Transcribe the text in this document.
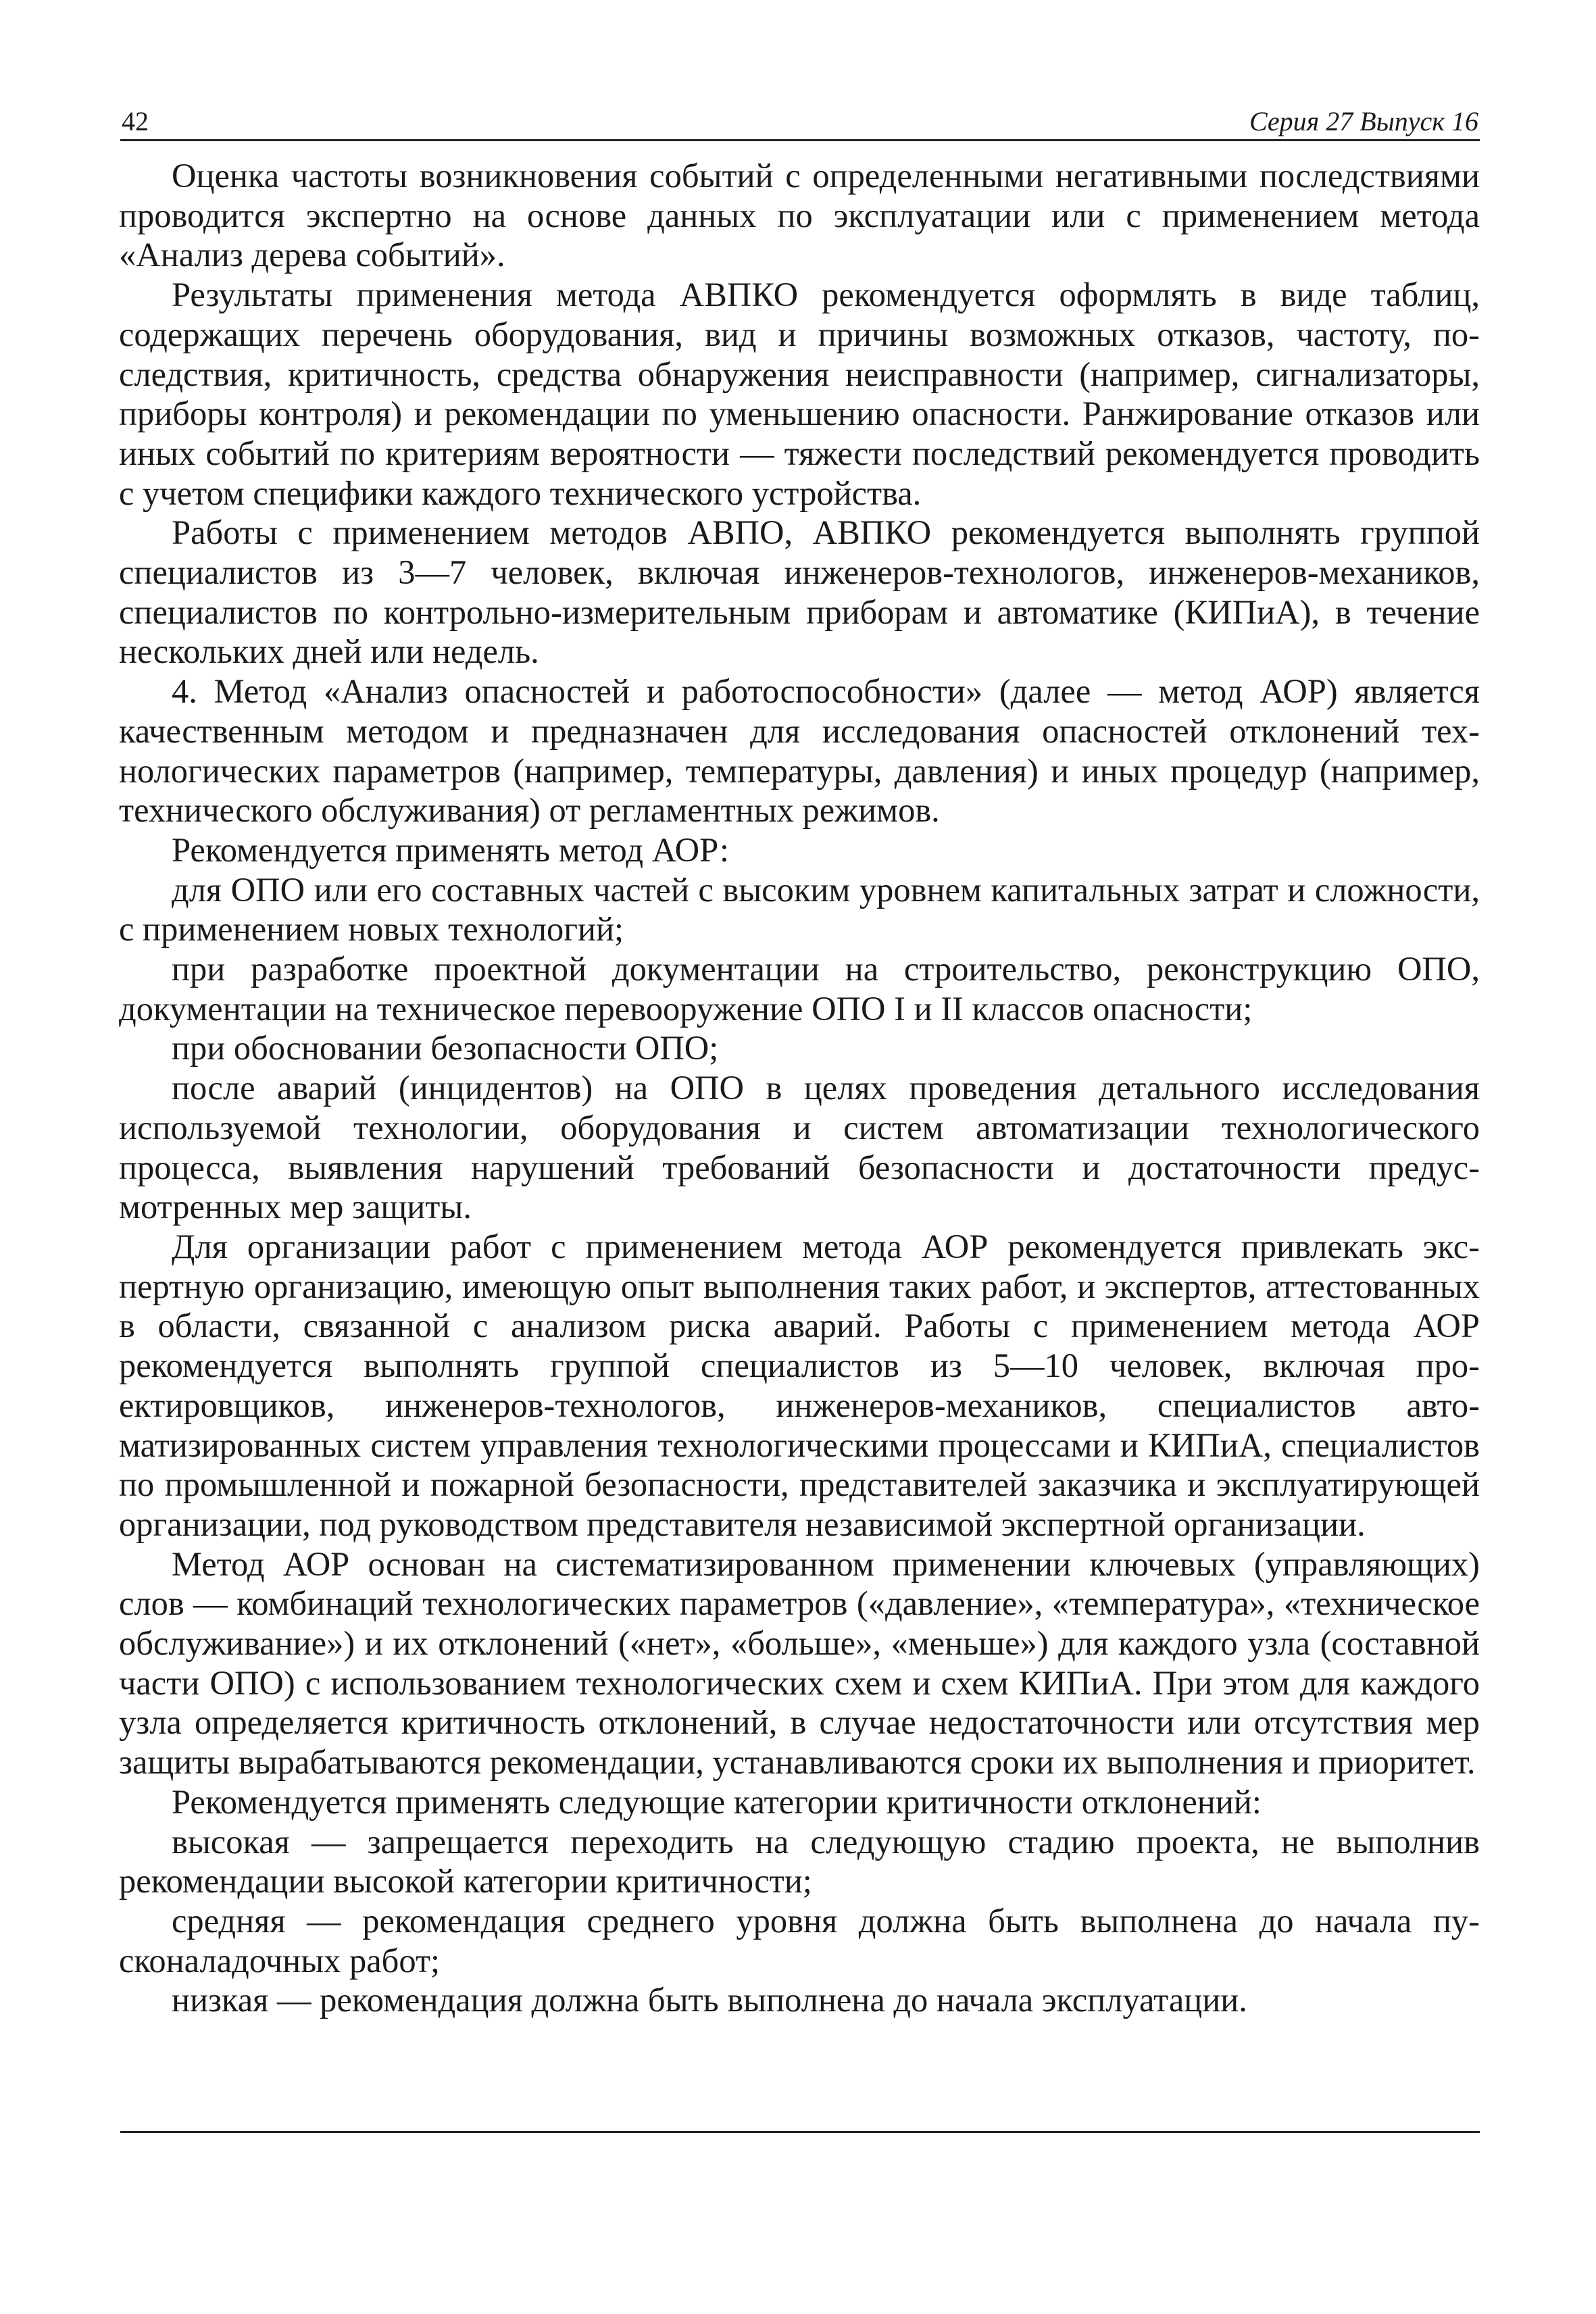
42	Серия 27 Выпуск 16

Оценка частоты возникновения событий с определенными негативными последствиями проводится экспертно на основе данных по эксплуатации или с применением метода «Анализ дерева событий».

Результаты применения метода АВПКО рекомендуется оформлять в виде таблиц, содержащих перечень оборудования, вид и причины возможных отказов, частоту, последствия, критичность, средства обнаружения неисправности (например, сигнализаторы, приборы контроля) и рекомендации по уменьшению опасности. Ранжирование отказов или иных событий по критериям вероятности — тяжести последствий рекомендуется проводить с учетом специфики каждого технического устройства.

Работы с применением методов АВПО, АВПКО рекомендуется выполнять группой специалистов из 3—7 человек, включая инженеров-технологов, инженеров-механиков, специалистов по контрольно-измерительным приборам и автоматике (КИПиА), в течение нескольких дней или недель.

4. Метод «Анализ опасностей и работоспособности» (далее — метод АОР) является качественным методом и предназначен для исследования опасностей отклонений технологических параметров (например, температуры, давления) и иных процедур (например, технического обслуживания) от регламентных режимов.

Рекомендуется применять метод АОР:

для ОПО или его составных частей с высоким уровнем капитальных затрат и сложности, с применением новых технологий;

при разработке проектной документации на строительство, реконструкцию ОПО, документации на техническое перевооружение ОПО I и II классов опасности;

при обосновании безопасности ОПО;

после аварий (инцидентов) на ОПО в целях проведения детального исследования используемой технологии, оборудования и систем автоматизации технологического процесса, выявления нарушений требований безопасности и достаточности предусмотренных мер защиты.

Для организации работ с применением метода АОР рекомендуется привлекать экспертную организацию, имеющую опыт выполнения таких работ, и экспертов, аттестованных в области, связанной с анализом риска аварий. Работы с применением метода АОР рекомендуется выполнять группой специалистов из 5—10 человек, включая проектировщиков, инженеров-технологов, инженеров-механиков, специалистов автоматизированных систем управления технологическими процессами и КИПиА, специалистов по промышленной и пожарной безопасности, представителей заказчика и эксплуатирующей организации, под руководством представителя независимой экспертной организации.

Метод АОР основан на систематизированном применении ключевых (управляющих) слов — комбинаций технологических параметров («давление», «температура», «техническое обслуживание») и их отклонений («нет», «больше», «меньше») для каждого узла (составной части ОПО) с использованием технологических схем и схем КИПиА. При этом для каждого узла определяется критичность отклонений, в случае недостаточности или отсутствия мер защиты вырабатываются рекомендации, устанавливаются сроки их выполнения и приоритет.

Рекомендуется применять следующие категории критичности отклонений:

высокая — запрещается переходить на следующую стадию проекта, не выполнив рекомендации высокой категории критичности;

средняя — рекомендация среднего уровня должна быть выполнена до начала пусконаладочных работ;

низкая — рекомендация должна быть выполнена до начала эксплуатации.
